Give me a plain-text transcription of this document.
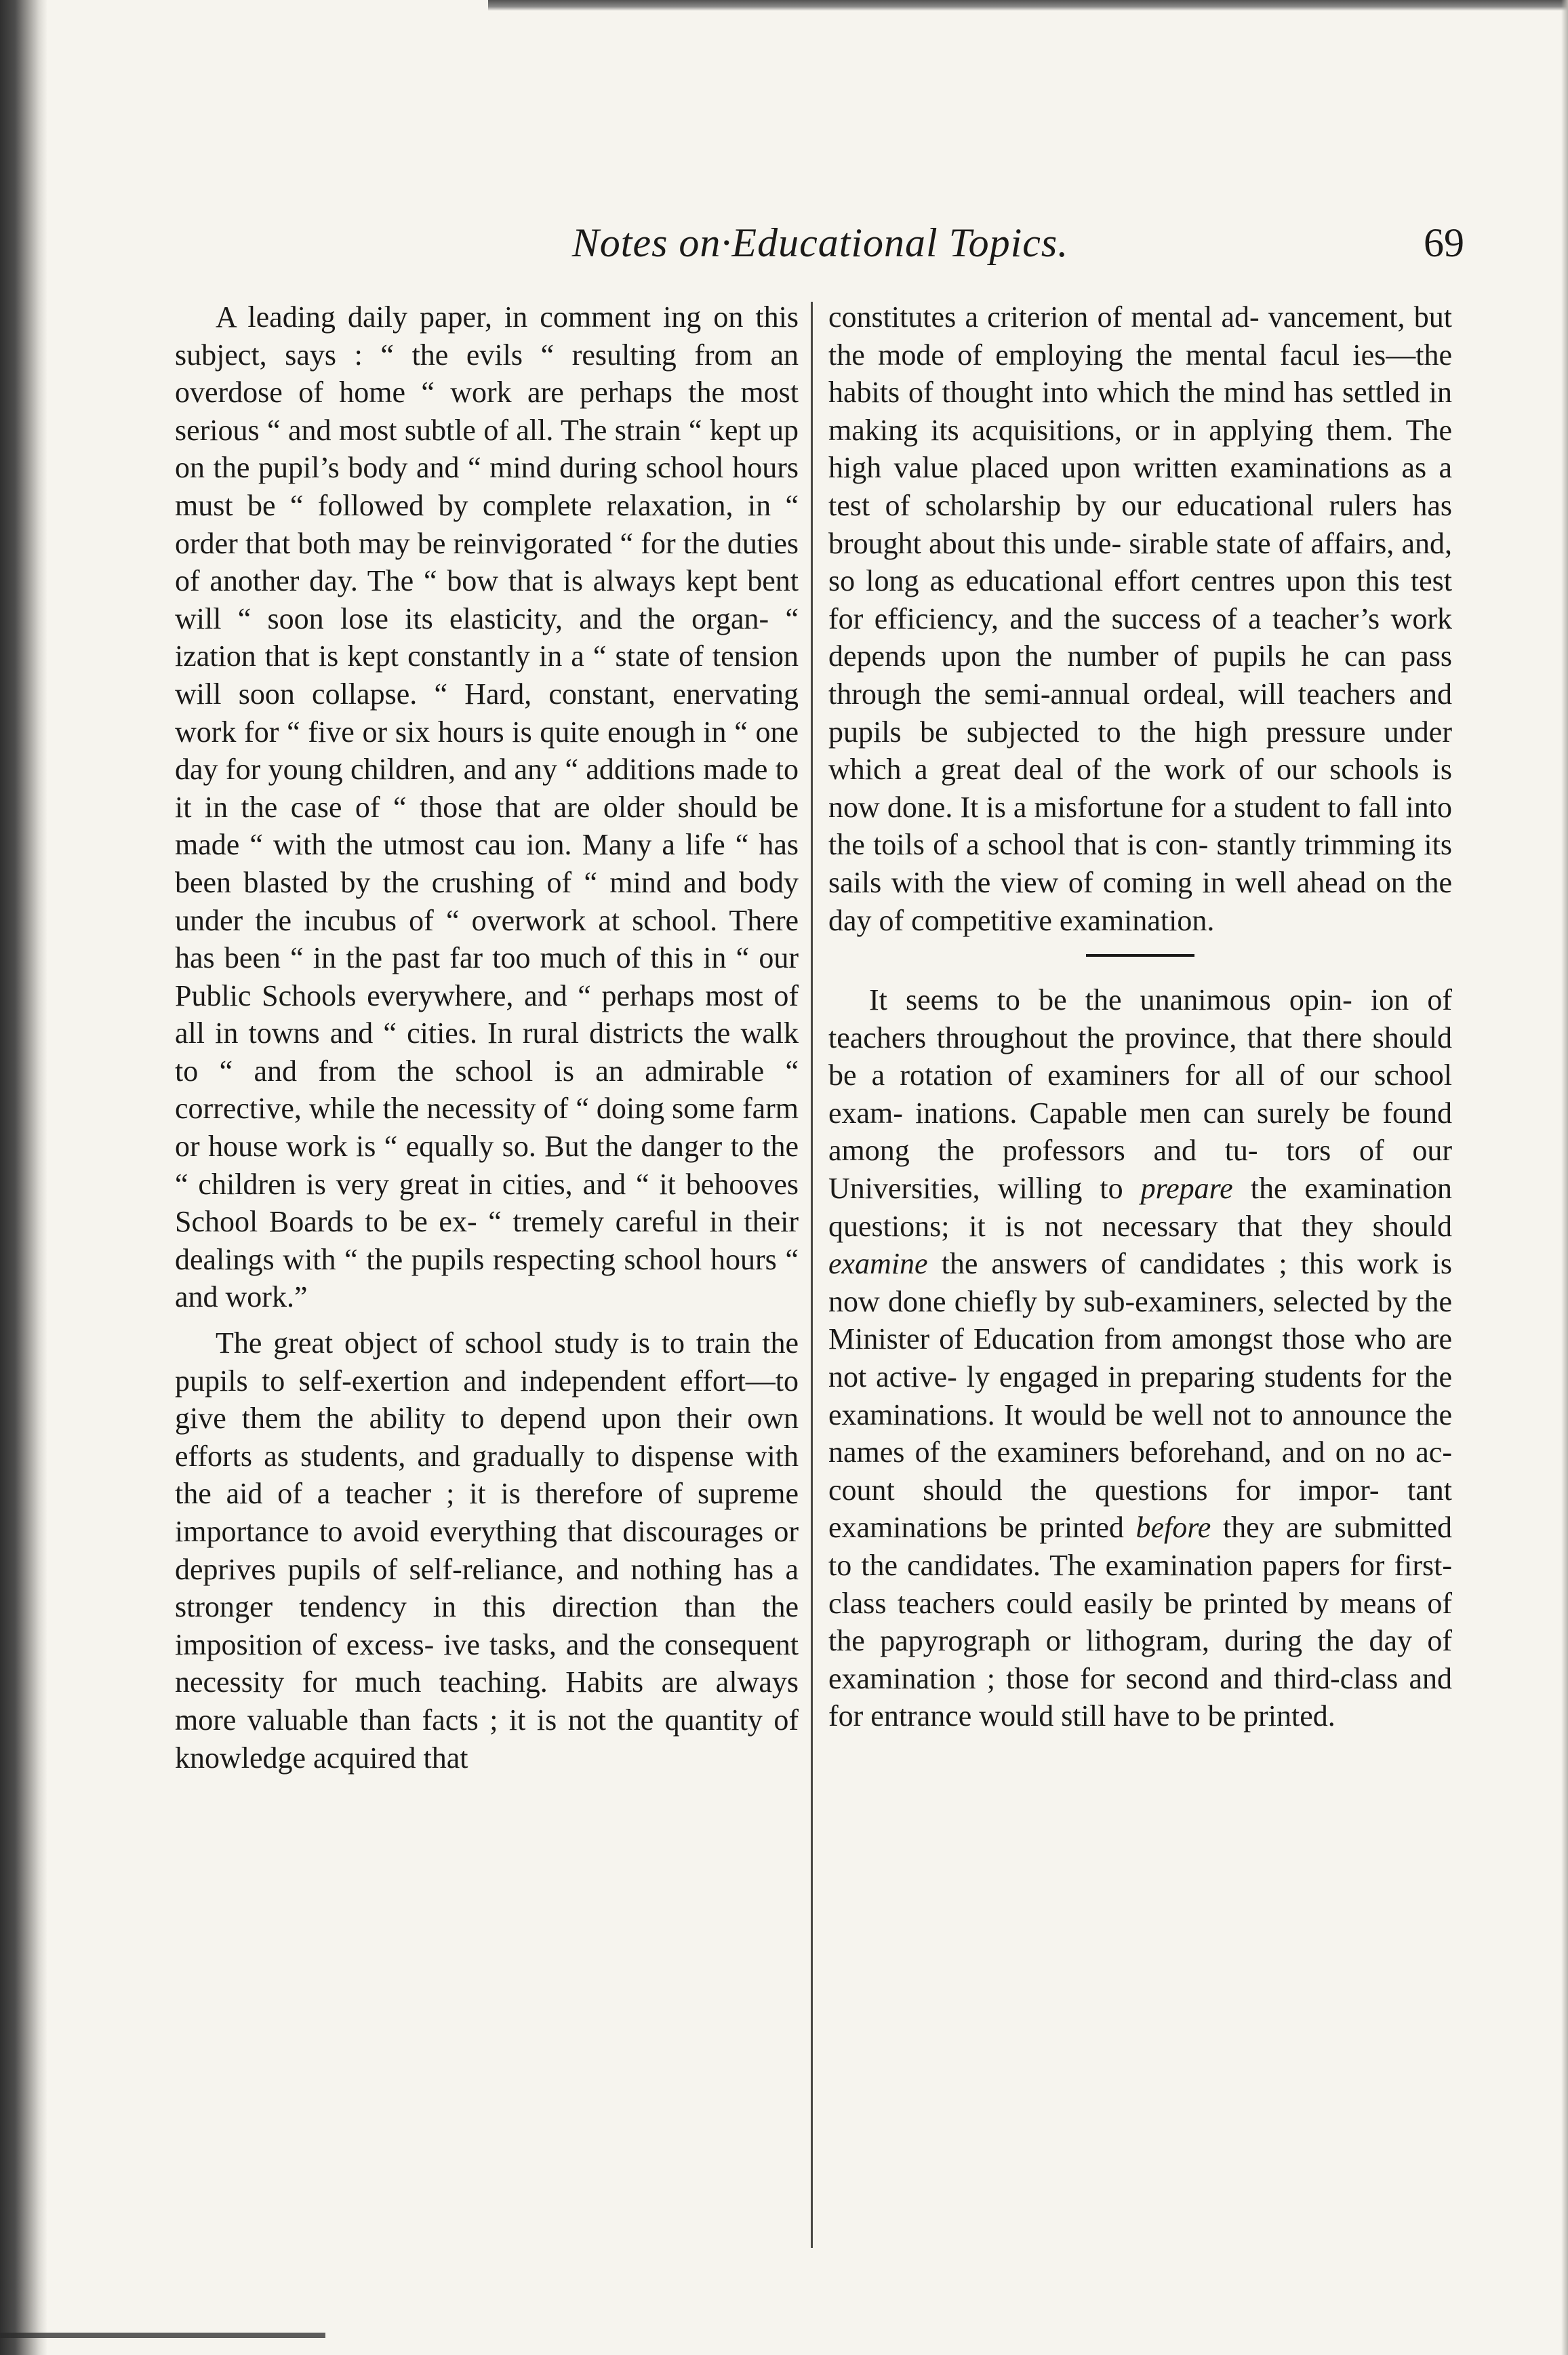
Notes on·Educational Topics.	69

A leading daily paper, in comment ing on this subject, says : “ the evils “ resulting from an overdose of home “ work are perhaps the most serious “ and most subtle of all. The strain “ kept up on the pupil’s body and “ mind during school hours must be “ followed by complete relaxation, in “ order that both may be reinvigorated “ for the duties of another day. The “ bow that is always kept bent will “ soon lose its elasticity, and the organ- “ ization that is kept constantly in a “ state of tension will soon collapse. “ Hard, constant, enervating work for “ five or six hours is quite enough in “ one day for young children, and any “ additions made to it in the case of “ those that are older should be made “ with the utmost cau ion. Many a life “ has been blasted by the crushing of “ mind and body under the incubus of “ overwork at school. There has been “ in the past far too much of this in “ our Public Schools everywhere, and “ perhaps most of all in towns and “ cities. In rural districts the walk to “ and from the school is an admirable “ corrective, while the necessity of “ doing some farm or house work is “ equally so. But the danger to the “ children is very great in cities, and “ it behooves School Boards to be ex- “ tremely careful in their dealings with “ the pupils respecting school hours “ and work.”

The great object of school study is to train the pupils to self-exertion and independent effort—to give them the ability to depend upon their own efforts as students, and gradually to dispense with the aid of a teacher ; it is therefore of supreme importance to avoid everything that discourages or deprives pupils of self-reliance, and nothing has a stronger tendency in this direction than the imposition of excess- ive tasks, and the consequent necessity for much teaching. Habits are always more valuable than facts ; it is not the quantity of knowledge acquired that

constitutes a criterion of mental ad- vancement, but the mode of employing the mental facul ies—the habits of thought into which the mind has settled in making its acquisitions, or in applying them. The high value placed upon written examinations as a test of scholarship by our educational rulers has brought about this unde- sirable state of affairs, and, so long as educational effort centres upon this test for efficiency, and the success of a teacher’s work depends upon the number of pupils he can pass through the semi-annual ordeal, will teachers and pupils be subjected to the high pressure under which a great deal of the work of our schools is now done. It is a misfortune for a student to fall into the toils of a school that is con- stantly trimming its sails with the view of coming in well ahead on the day of competitive examination.

It seems to be the unanimous opin- ion of teachers throughout the province, that there should be a rotation of examiners for all of our school exam- inations. Capable men can surely be found among the professors and tu- tors of our Universities, willing to prepare the examination questions; it is not necessary that they should examine the answers of candidates ; this work is now done chiefly by sub-examiners, selected by the Minister of Education from amongst those who are not active- ly engaged in preparing students for the examinations. It would be well not to announce the names of the examiners beforehand, and on no ac- count should the questions for impor- tant examinations be printed before they are submitted to the candidates. The examination papers for first-class teachers could easily be printed by means of the papyrograph or lithogram, during the day of examination ; those for second and third-class and for entrance would still have to be printed.
